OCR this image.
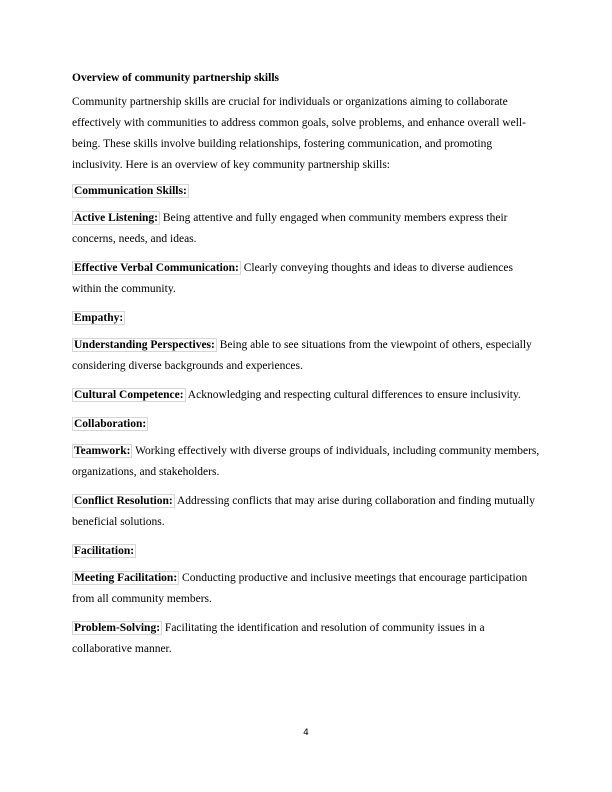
Overview of community partnership skills

Community partnership skills are crucial for individuals or organizations aiming to collaborate effectively with communities to address common goals, solve problems, and enhance overall well-being. These skills involve building relationships, fostering communication, and promoting inclusivity. Here is an overview of key community partnership skills:

Communication Skills:

Active Listening: Being attentive and fully engaged when community members express their concerns, needs, and ideas.

Effective Verbal Communication: Clearly conveying thoughts and ideas to diverse audiences within the community.

Empathy:

Understanding Perspectives: Being able to see situations from the viewpoint of others, especially considering diverse backgrounds and experiences.

Cultural Competence: Acknowledging and respecting cultural differences to ensure inclusivity.

Collaboration:

Teamwork: Working effectively with diverse groups of individuals, including community members, organizations, and stakeholders.

Conflict Resolution: Addressing conflicts that may arise during collaboration and finding mutually beneficial solutions.

Facilitation:

Meeting Facilitation: Conducting productive and inclusive meetings that encourage participation from all community members.

Problem-Solving: Facilitating the identification and resolution of community issues in a collaborative manner.

4
